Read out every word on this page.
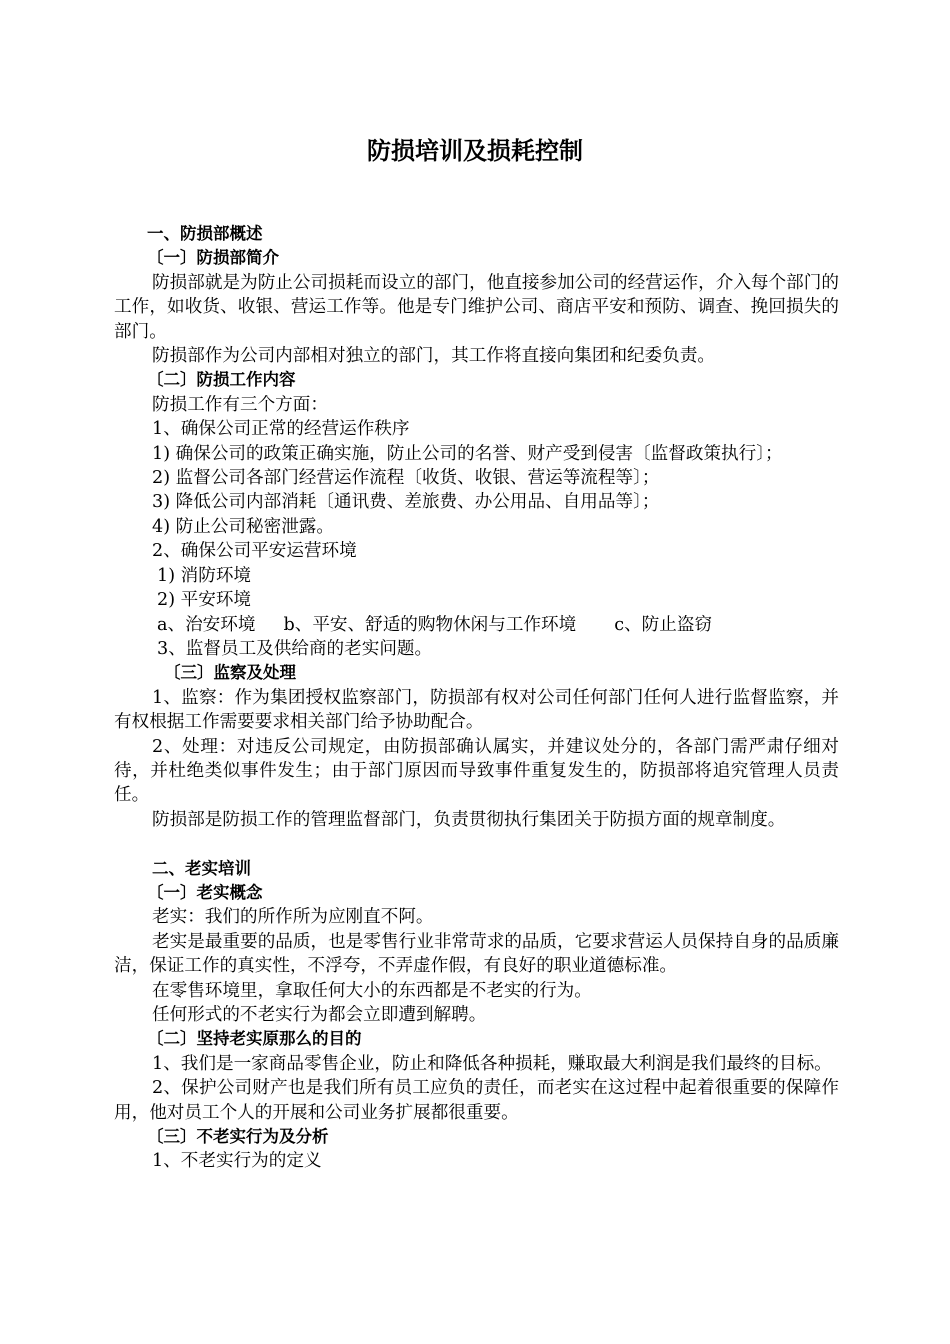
防损培训及损耗控制
一、防损部概述
〔一〕防损部简介
防损部就是为防止公司损耗而设立的部门，他直接参加公司的经营运作，介入每个部门的工作，如收货、收银、营运工作等。他是专门维护公司、商店平安和预防、调查、挽回损失的部门。
防损部作为公司内部相对独立的部门，其工作将直接向集团和纪委负责。
〔二〕防损工作内容
防损工作有三个方面：
1、确保公司正常的经营运作秩序
1) 确保公司的政策正确实施，防止公司的名誉、财产受到侵害〔监督政策执行〕；
2) 监督公司各部门经营运作流程〔收货、收银、营运等流程等〕；
3) 降低公司内部消耗〔通讯费、差旅费、办公用品、自用品等〕；
4) 防止公司秘密泄露。
2、确保公司平安运营环境
1) 消防环境
2) 平安环境
a、治安环境 b、平安、舒适的购物休闲与工作环境 c、防止盗窃
3、监督员工及供给商的老实问题。
〔三〕监察及处理
1、监察：作为集团授权监察部门，防损部有权对公司任何部门任何人进行监督监察，并有权根据工作需要要求相关部门给予协助配合。
2、处理：对违反公司规定，由防损部确认属实，并建议处分的，各部门需严肃仔细对待，并杜绝类似事件发生；由于部门原因而导致事件重复发生的，防损部将追究管理人员责任。
防损部是防损工作的管理监督部门，负责贯彻执行集团关于防损方面的规章制度。
二、老实培训
〔一〕老实概念
老实：我们的所作所为应刚直不阿。
老实是最重要的品质，也是零售行业非常苛求的品质，它要求营运人员保持自身的品质廉洁，保证工作的真实性，不浮夸，不弄虚作假，有良好的职业道德标准。
在零售环境里，拿取任何大小的东西都是不老实的行为。
任何形式的不老实行为都会立即遭到解聘。
〔二〕坚持老实原那么的目的
1、我们是一家商品零售企业，防止和降低各种损耗，赚取最大利润是我们最终的目标。
2、保护公司财产也是我们所有员工应负的责任，而老实在这过程中起着很重要的保障作用，他对员工个人的开展和公司业务扩展都很重要。
〔三〕不老实行为及分析
1、不老实行为的定义
